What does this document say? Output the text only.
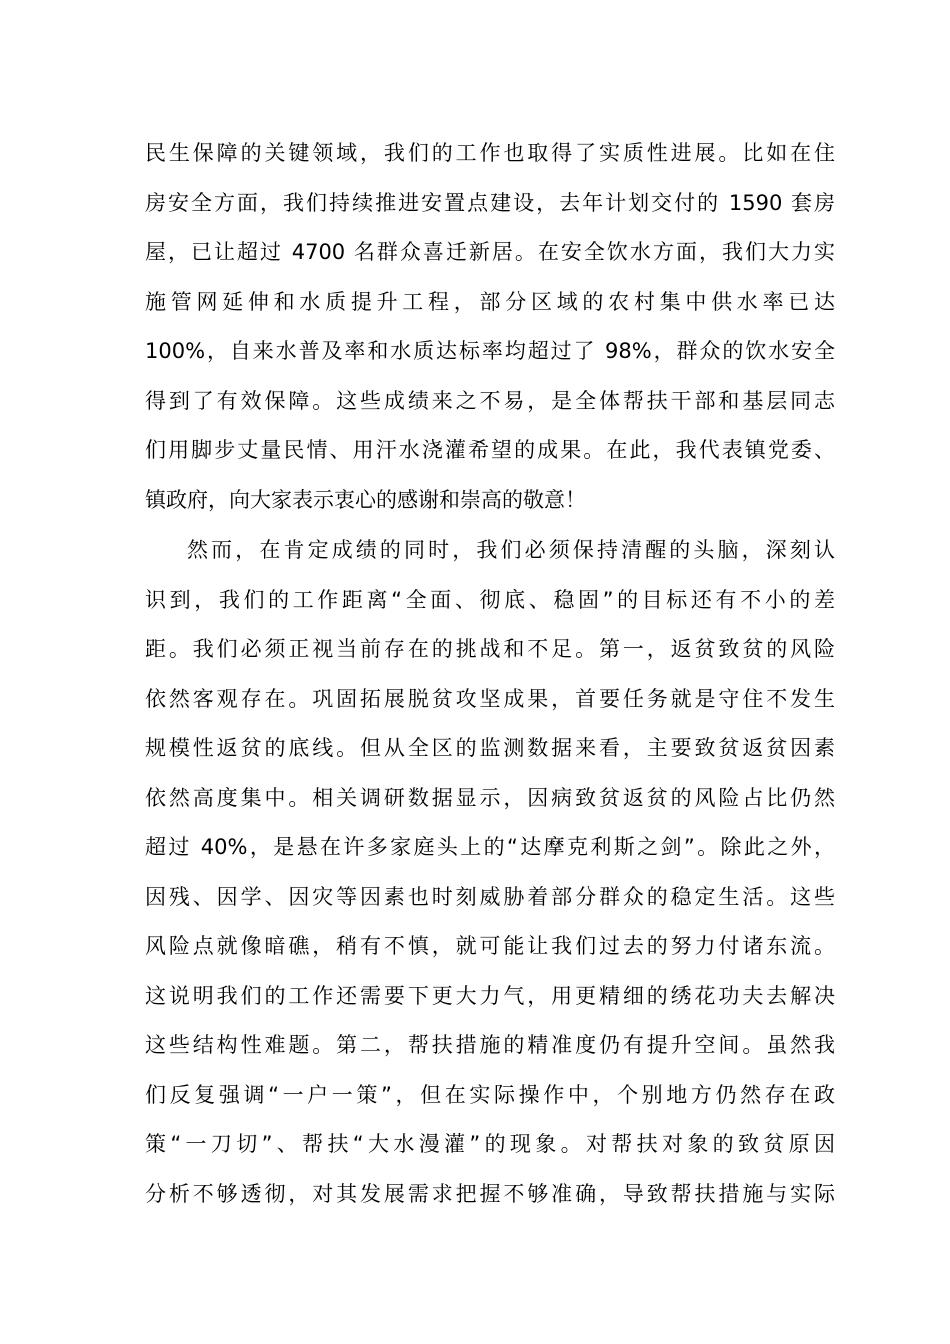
民生保障的关键领域，我们的工作也取得了实质性进展。比如在住
房安全方面，我们持续推进安置点建设，去年计划交付的 1590 套房
屋，已让超过 4700 名群众喜迁新居。在安全饮水方面，我们大力实
施管网延伸和水质提升工程，部分区域的农村集中供水率已达
100%，自来水普及率和水质达标率均超过了 98%，群众的饮水安全
得到了有效保障。这些成绩来之不易，是全体帮扶干部和基层同志
们用脚步丈量民情、用汗水浇灌希望的成果。在此，我代表镇党委、
镇政府，向大家表示衷心的感谢和崇高的敬意！
然而，在肯定成绩的同时，我们必须保持清醒的头脑，深刻认
识到，我们的工作距离“全面、彻底、稳固”的目标还有不小的差
距。我们必须正视当前存在的挑战和不足。第一，返贫致贫的风险
依然客观存在。巩固拓展脱贫攻坚成果，首要任务就是守住不发生
规模性返贫的底线。但从全区的监测数据来看，主要致贫返贫因素
依然高度集中。相关调研数据显示，因病致贫返贫的风险占比仍然
超过 40%，是悬在许多家庭头上的“达摩克利斯之剑”。除此之外，
因残、因学、因灾等因素也时刻威胁着部分群众的稳定生活。这些
风险点就像暗礁，稍有不慎，就可能让我们过去的努力付诸东流。
这说明我们的工作还需要下更大力气，用更精细的绣花功夫去解决
这些结构性难题。第二，帮扶措施的精准度仍有提升空间。虽然我
们反复强调“一户一策”，但在实际操作中，个别地方仍然存在政
策“一刀切”、帮扶“大水漫灌”的现象。对帮扶对象的致贫原因
分析不够透彻，对其发展需求把握不够准确，导致帮扶措施与实际
